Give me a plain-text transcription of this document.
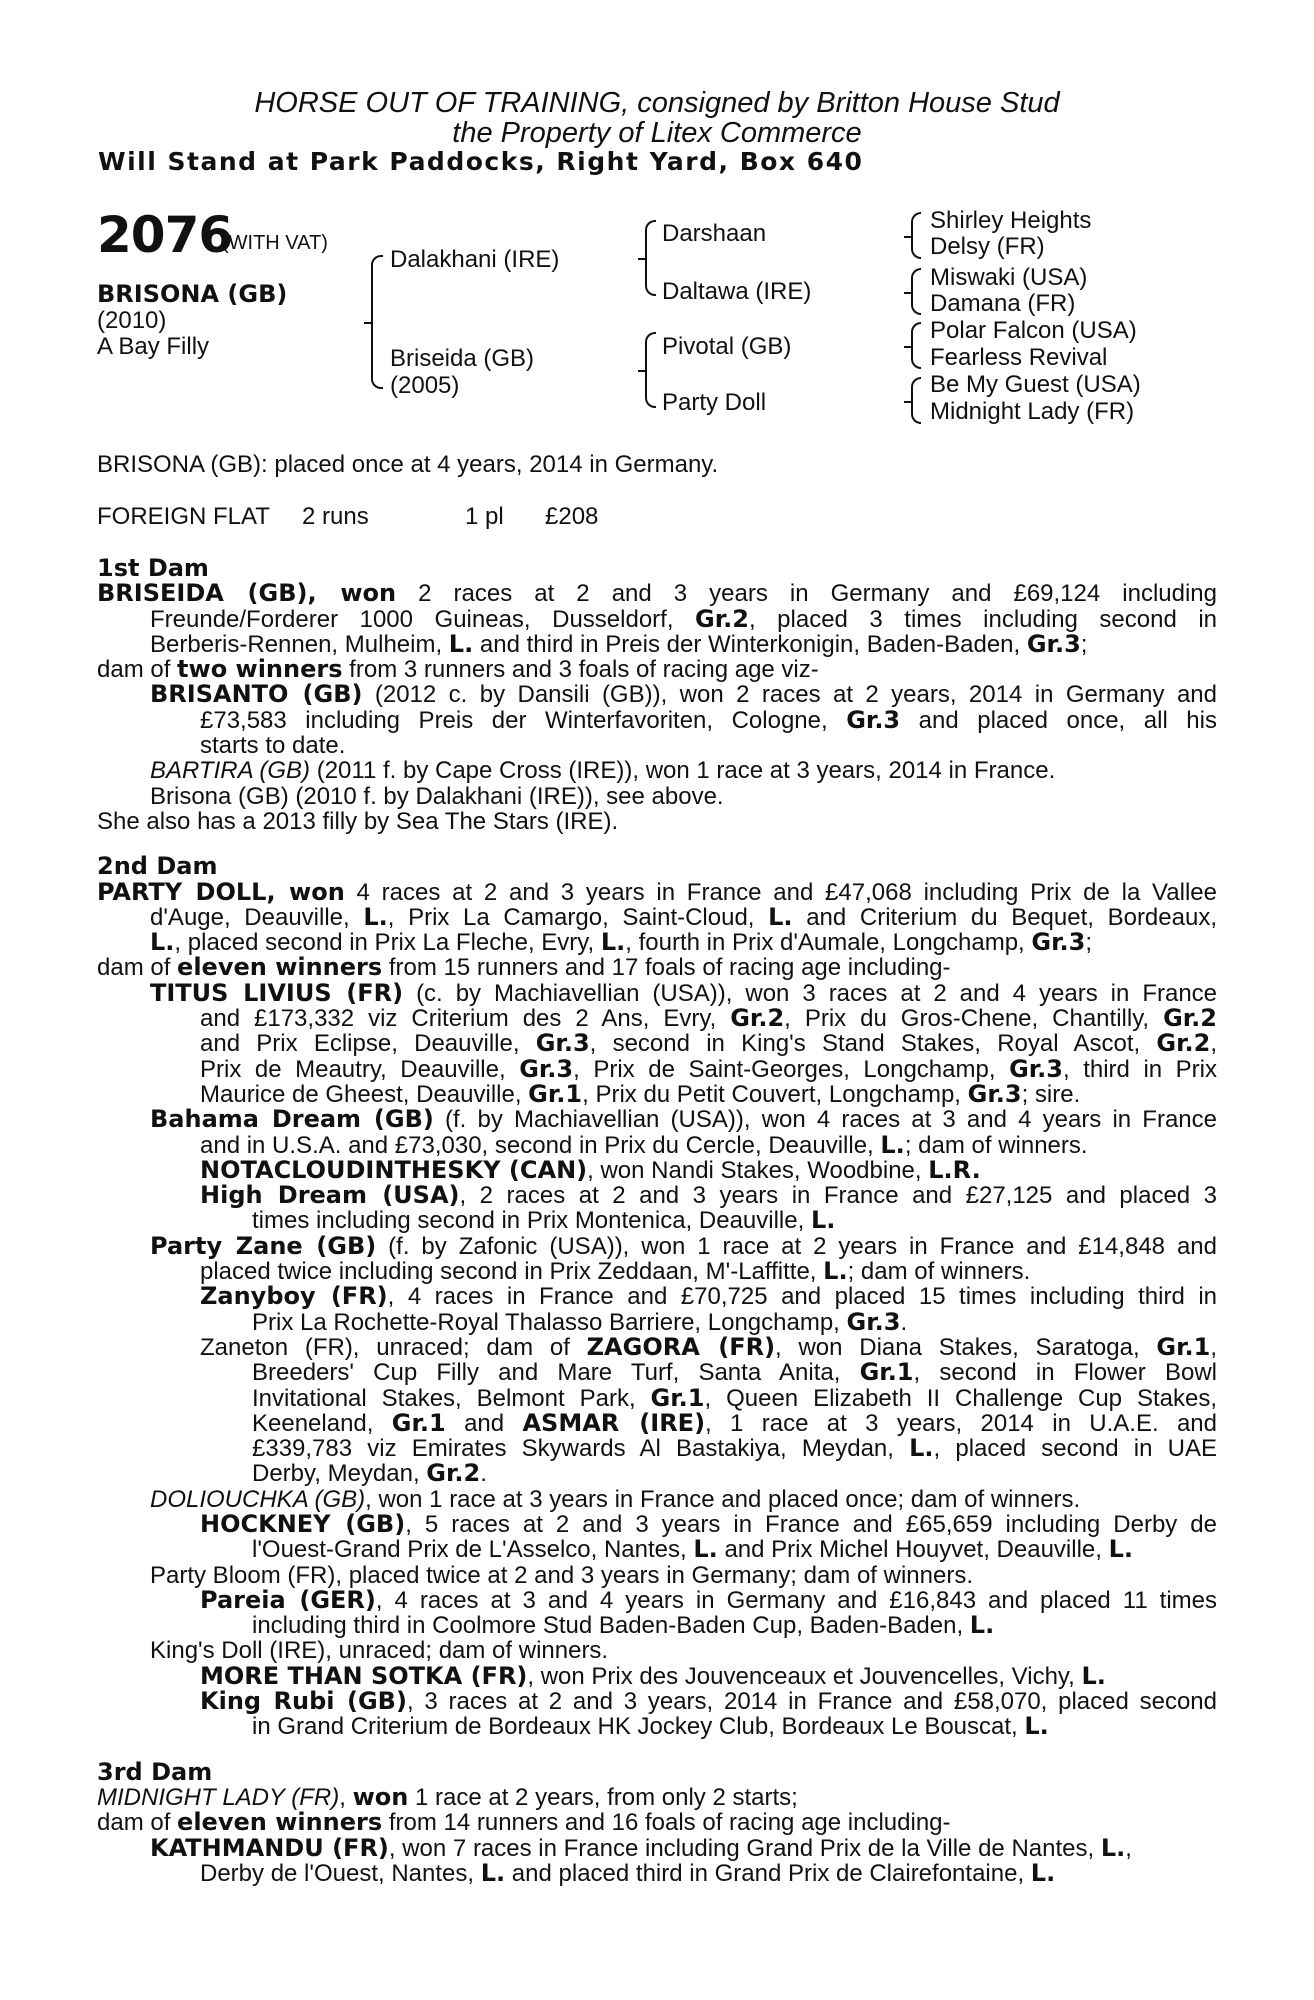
HORSE OUT OF TRAINING, consigned by Britton House Stud
the Property of Litex Commerce
Will Stand at Park Paddocks, Right Yard, Box 640
2076
(WITH VAT)
BRISONA (GB)
(2010)
A Bay Filly
Dalakhani (IRE)
Briseida (GB)
(2005)
Darshaan
Daltawa (IRE)
Pivotal (GB)
Party Doll
Shirley Heights
Delsy (FR)
Miswaki (USA)
Damana (FR)
Polar Falcon (USA)
Fearless Revival
Be My Guest (USA)
Midnight Lady (FR)
BRISONA (GB): placed once at 4 years, 2014 in Germany.
FOREIGN FLAT 2 runs	1 pl £208
1st Dam
BRISEIDA (GB), won 2 races at 2 and 3 years in Germany and £69,124 including
Freunde/Forderer 1000 Guineas, Dusseldorf, Gr.2, placed 3 times including second in
Berberis-Rennen, Mulheim, L. and third in Preis der Winterkonigin, Baden-Baden, Gr.3;
dam of two winners from 3 runners and 3 foals of racing age viz-
BRISANTO (GB) (2012 c. by Dansili (GB)), won 2 races at 2 years, 2014 in Germany and
£73,583 including Preis der Winterfavoriten, Cologne, Gr.3 and placed once, all his
starts to date.
BARTIRA (GB) (2011 f. by Cape Cross (IRE)), won 1 race at 3 years, 2014 in France.
Brisona (GB) (2010 f. by Dalakhani (IRE)), see above.
She also has a 2013 filly by Sea The Stars (IRE).
2nd Dam
PARTY DOLL, won 4 races at 2 and 3 years in France and £47,068 including Prix de la Vallee
d'Auge, Deauville, L., Prix La Camargo, Saint-Cloud, L. and Criterium du Bequet, Bordeaux,
L., placed second in Prix La Fleche, Evry, L., fourth in Prix d'Aumale, Longchamp, Gr.3;
dam of eleven winners from 15 runners and 17 foals of racing age including-
TITUS LIVIUS (FR) (c. by Machiavellian (USA)), won 3 races at 2 and 4 years in France
and £173,332 viz Criterium des 2 Ans, Evry, Gr.2, Prix du Gros-Chene, Chantilly, Gr.2
and Prix Eclipse, Deauville, Gr.3, second in King's Stand Stakes, Royal Ascot, Gr.2,
Prix de Meautry, Deauville, Gr.3, Prix de Saint-Georges, Longchamp, Gr.3, third in Prix
Maurice de Gheest, Deauville, Gr.1, Prix du Petit Couvert, Longchamp, Gr.3; sire.
Bahama Dream (GB) (f. by Machiavellian (USA)), won 4 races at 3 and 4 years in France
and in U.S.A. and £73,030, second in Prix du Cercle, Deauville, L.; dam of winners.
NOTACLOUDINTHESKY (CAN), won Nandi Stakes, Woodbine, L.R.
High Dream (USA), 2 races at 2 and 3 years in France and £27,125 and placed 3
times including second in Prix Montenica, Deauville, L.
Party Zane (GB) (f. by Zafonic (USA)), won 1 race at 2 years in France and £14,848 and
placed twice including second in Prix Zeddaan, M'-Laffitte, L.; dam of winners.
Zanyboy (FR), 4 races in France and £70,725 and placed 15 times including third in
Prix La Rochette-Royal Thalasso Barriere, Longchamp, Gr.3.
Zaneton (FR), unraced; dam of ZAGORA (FR), won Diana Stakes, Saratoga, Gr.1,
Breeders' Cup Filly and Mare Turf, Santa Anita, Gr.1, second in Flower Bowl
Invitational Stakes, Belmont Park, Gr.1, Queen Elizabeth II Challenge Cup Stakes,
Keeneland, Gr.1 and ASMAR (IRE), 1 race at 3 years, 2014 in U.A.E. and
£339,783 viz Emirates Skywards Al Bastakiya, Meydan, L., placed second in UAE
Derby, Meydan, Gr.2.
DOLIOUCHKA (GB), won 1 race at 3 years in France and placed once; dam of winners.
HOCKNEY (GB), 5 races at 2 and 3 years in France and £65,659 including Derby de
l'Ouest-Grand Prix de L'Asselco, Nantes, L. and Prix Michel Houyvet, Deauville, L.
Party Bloom (FR), placed twice at 2 and 3 years in Germany; dam of winners.
Pareia (GER), 4 races at 3 and 4 years in Germany and £16,843 and placed 11 times
including third in Coolmore Stud Baden-Baden Cup, Baden-Baden, L.
King's Doll (IRE), unraced; dam of winners.
MORE THAN SOTKA (FR), won Prix des Jouvenceaux et Jouvencelles, Vichy, L.
King Rubi (GB), 3 races at 2 and 3 years, 2014 in France and £58,070, placed second
in Grand Criterium de Bordeaux HK Jockey Club, Bordeaux Le Bouscat, L.
3rd Dam
MIDNIGHT LADY (FR), won 1 race at 2 years, from only 2 starts;
dam of eleven winners from 14 runners and 16 foals of racing age including-
KATHMANDU (FR), won 7 races in France including Grand Prix de la Ville de Nantes, L.,
Derby de l'Ouest, Nantes, L. and placed third in Grand Prix de Clairefontaine, L.
